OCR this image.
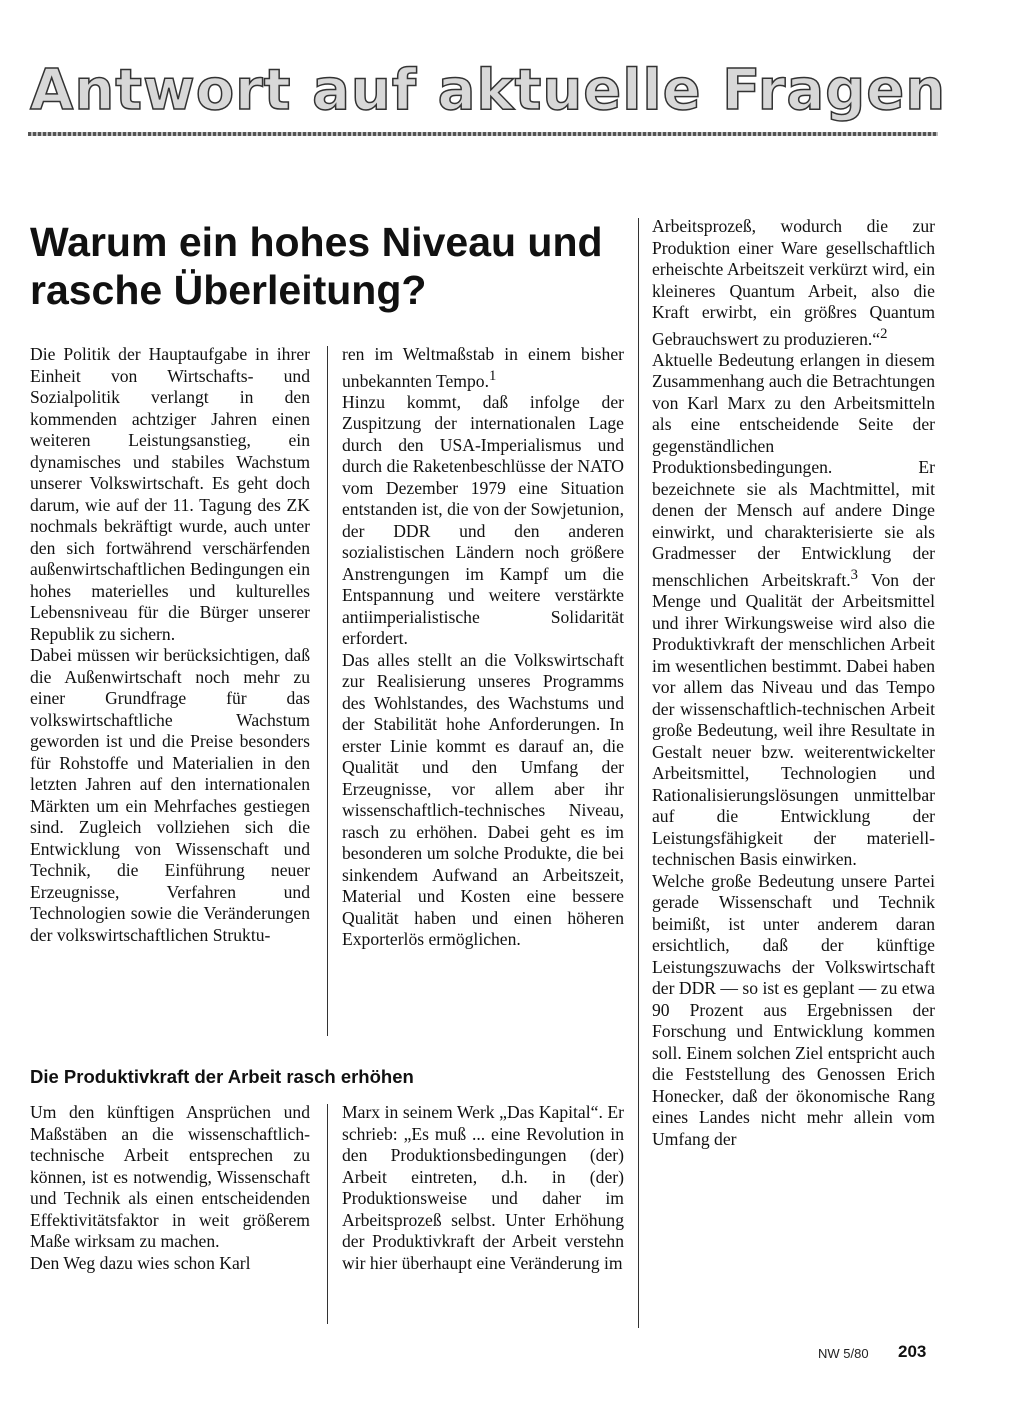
Antwort auf aktuelle Fragen
Warum ein hohes Niveau und rasche Überleitung?

Die Politik der Hauptaufgabe in ihrer Einheit von Wirtschafts- und Sozialpolitik verlangt in den kommenden achtziger Jahren einen weiteren Leistungsanstieg, ein dynamisches und stabiles Wachstum unserer Volkswirtschaft. Es geht doch darum, wie auf der 11. Tagung des ZK nochmals bekräftigt wurde, auch unter den sich fortwährend verschärfenden außenwirtschaftlichen Bedingungen ein hohes materielles und kulturelles Lebensniveau für die Bürger unserer Republik zu sichern.

Dabei müssen wir berücksichtigen, daß die Außenwirtschaft noch mehr zu einer Grundfrage für das volkswirtschaftliche Wachstum geworden ist und die Preise besonders für Rohstoffe und Materialien in den letzten Jahren auf den internationalen Märkten um ein Mehrfaches gestiegen sind. Zugleich vollziehen sich die Entwicklung von Wissenschaft und Technik, die Einführung neuer Erzeugnisse, Verfahren und Technologien sowie die Veränderungen der volkswirtschaftlichen Struktu-

ren im Weltmaßstab in einem bisher unbekannten Tempo.$^1$

Hinzu kommt, daß infolge der Zuspitzung der internationalen Lage durch den USA-Imperialismus und durch die Raketenbeschlüsse der NATO vom Dezember 1979 eine Situation entstanden ist, die von der Sowjetunion, der DDR und den anderen sozialistischen Ländern noch größere Anstrengungen im Kampf um die Entspannung und weitere verstärkte antiimperialistische Solidarität erfordert.

Das alles stellt an die Volkswirtschaft zur Realisierung unseres Programms des Wohlstandes, des Wachstums und der Stabilität hohe Anforderungen. In erster Linie kommt es darauf an, die Qualität und den Umfang der Erzeugnisse, vor allem aber ihr wissenschaftlich-technisches Niveau, rasch zu erhöhen. Dabei geht es im besonderen um solche Produkte, die bei sinkendem Aufwand an Arbeitszeit, Material und Kosten eine bessere Qualität haben und einen höheren Exporterlös ermöglichen.

Arbeitsprozeß, wodurch die zur Produktion einer Ware gesellschaftlich erheischte Arbeitszeit verkürzt wird, ein kleineres Quantum Arbeit, also die Kraft erwirbt, ein größres Quantum Gebrauchswert zu produzieren.“$^2$

Aktuelle Bedeutung erlangen in diesem Zusammenhang auch die Betrachtungen von Karl Marx zu den Arbeitsmitteln als eine entscheidende Seite der gegenständlichen Produktionsbedingungen. Er bezeichnete sie als Machtmittel, mit denen der Mensch auf andere Dinge einwirkt, und charakterisierte sie als Gradmesser der Entwicklung der menschlichen Arbeitskraft.$^3$ Von der Menge und Qualität der Arbeitsmittel und ihrer Wirkungsweise wird also die Produktivkraft der menschlichen Arbeit im wesentlichen bestimmt. Dabei haben vor allem das Niveau und das Tempo der wissenschaftlich-technischen Arbeit große Bedeutung, weil ihre Resultate in Gestalt neuer bzw. weiterentwickelter Arbeitsmittel, Technologien und Rationalisierungslösungen unmittelbar auf die Entwicklung der Leistungsfähigkeit der materiell-technischen Basis einwirken.

Welche große Bedeutung unsere Partei gerade Wissenschaft und Technik beimißt, ist unter anderem daran ersichtlich, daß der künftige Leistungszuwachs der Volkswirtschaft der DDR — so ist es geplant — zu etwa 90 Prozent aus Ergebnissen der Forschung und Entwicklung kommen soll. Einem solchen Ziel entspricht auch die Feststellung des Genossen Erich Honecker, daß der ökonomische Rang eines Landes nicht mehr allein vom Umfang der

Die Produktivkraft der Arbeit rasch erhöhen

Um den künftigen Ansprüchen und Maßstäben an die wissenschaftlich-technische Arbeit entsprechen zu können, ist es notwendig, Wissenschaft und Technik als einen entscheidenden Effektivitätsfaktor in weit größerem Maße wirksam zu machen.

Den Weg dazu wies schon Karl

Marx in seinem Werk „Das Kapital“. Er schrieb: „Es muß ... eine Revolution in den Produktionsbedingungen (der) Arbeit eintreten, d.h. in (der) Produktionsweise und daher im Arbeitsprozeß selbst. Unter Erhöhung der Produktivkraft der Arbeit verstehn wir hier überhaupt eine Veränderung im

NW 5/80 203
